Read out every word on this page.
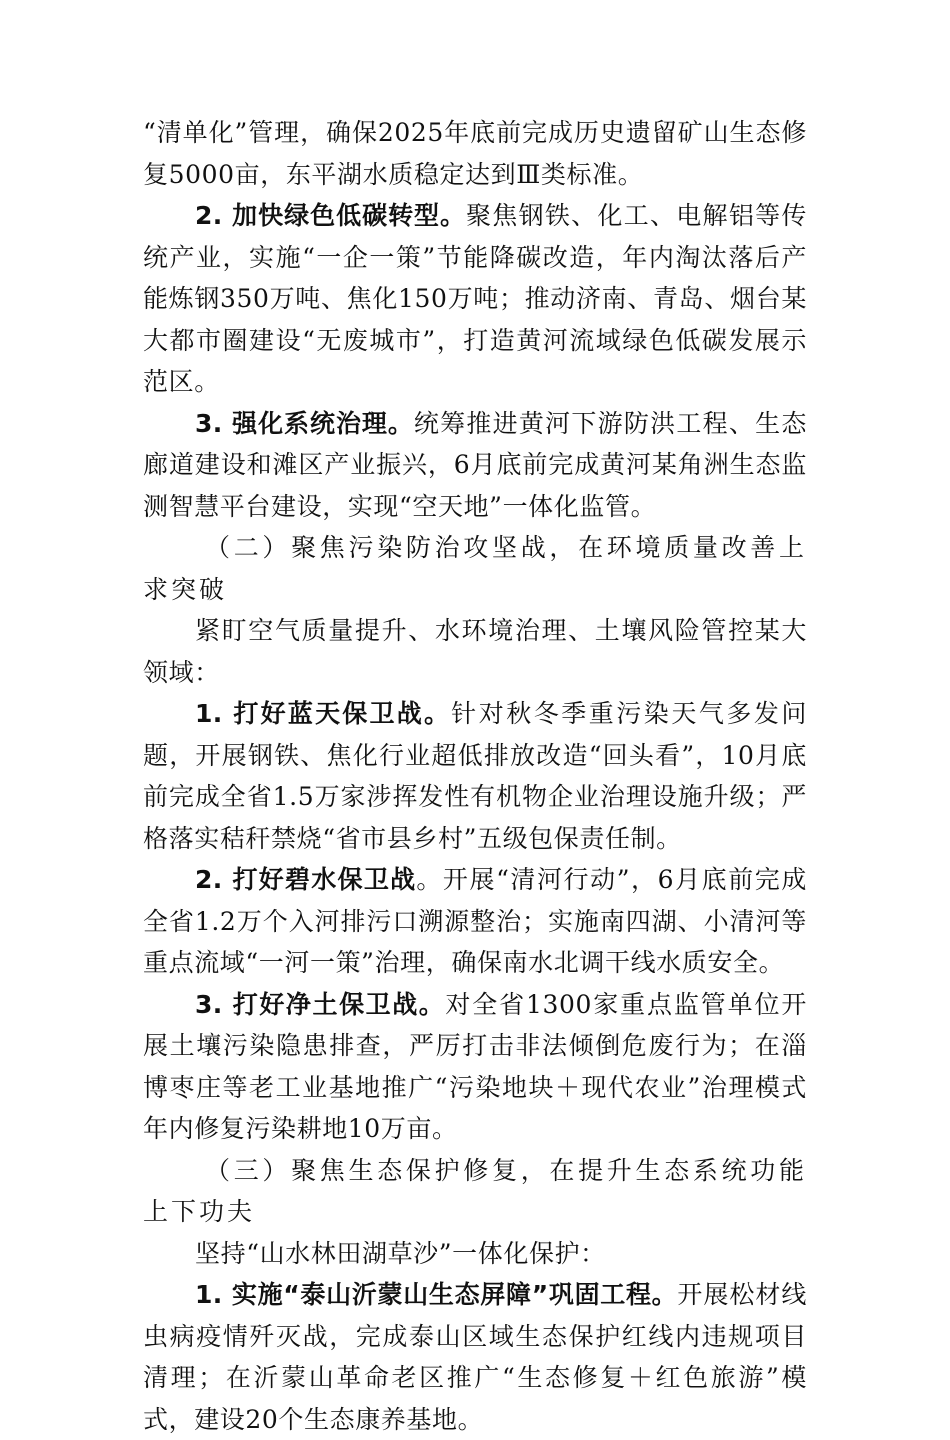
“清单化”管理，确保2025年底前完成历史遗留矿山生态修复5000亩，东平湖水质稳定达到Ⅲ类标准。

2. 加快绿色低碳转型。聚焦钢铁、化工、电解铝等传统产业，实施“一企一策”节能降碳改造，年内淘汰落后产能炼钢350万吨、焦化150万吨；推动济南、青岛、烟台某大都市圈建设“无废城市”，打造黄河流域绿色低碳发展示范区。

3. 强化系统治理。统筹推进黄河下游防洪工程、生态廊道建设和滩区产业振兴，6月底前完成黄河某角洲生态监测智慧平台建设，实现“空天地”一体化监管。

（二）聚焦污染防治攻坚战，在环境质量改善上求突破

紧盯空气质量提升、水环境治理、土壤风险管控某大领域：

1. 打好蓝天保卫战。针对秋冬季重污染天气多发问题，开展钢铁、焦化行业超低排放改造“回头看”，10月底前完成全省1.5万家涉挥发性有机物企业治理设施升级；严格落实秸秆禁烧“省市县乡村”五级包保责任制。

2. 打好碧水保卫战。开展“清河行动”，6月底前完成全省1.2万个入河排污口溯源整治；实施南四湖、小清河等重点流域“一河一策”治理，确保南水北调干线水质安全。

3. 打好净土保卫战。对全省1300家重点监管单位开展土壤污染隐患排查，严厉打击非法倾倒危废行为；在淄博枣庄等老工业基地推广“污染地块＋现代农业”治理模式年内修复污染耕地10万亩。

（三）聚焦生态保护修复，在提升生态系统功能上下功夫

坚持“山水林田湖草沙”一体化保护：

1. 实施“泰山沂蒙山生态屏障”巩固工程。开展松材线虫病疫情歼灭战，完成泰山区域生态保护红线内违规项目清理；在沂蒙山革命老区推广“生态修复＋红色旅游”模式，建设20个生态康养基地。
